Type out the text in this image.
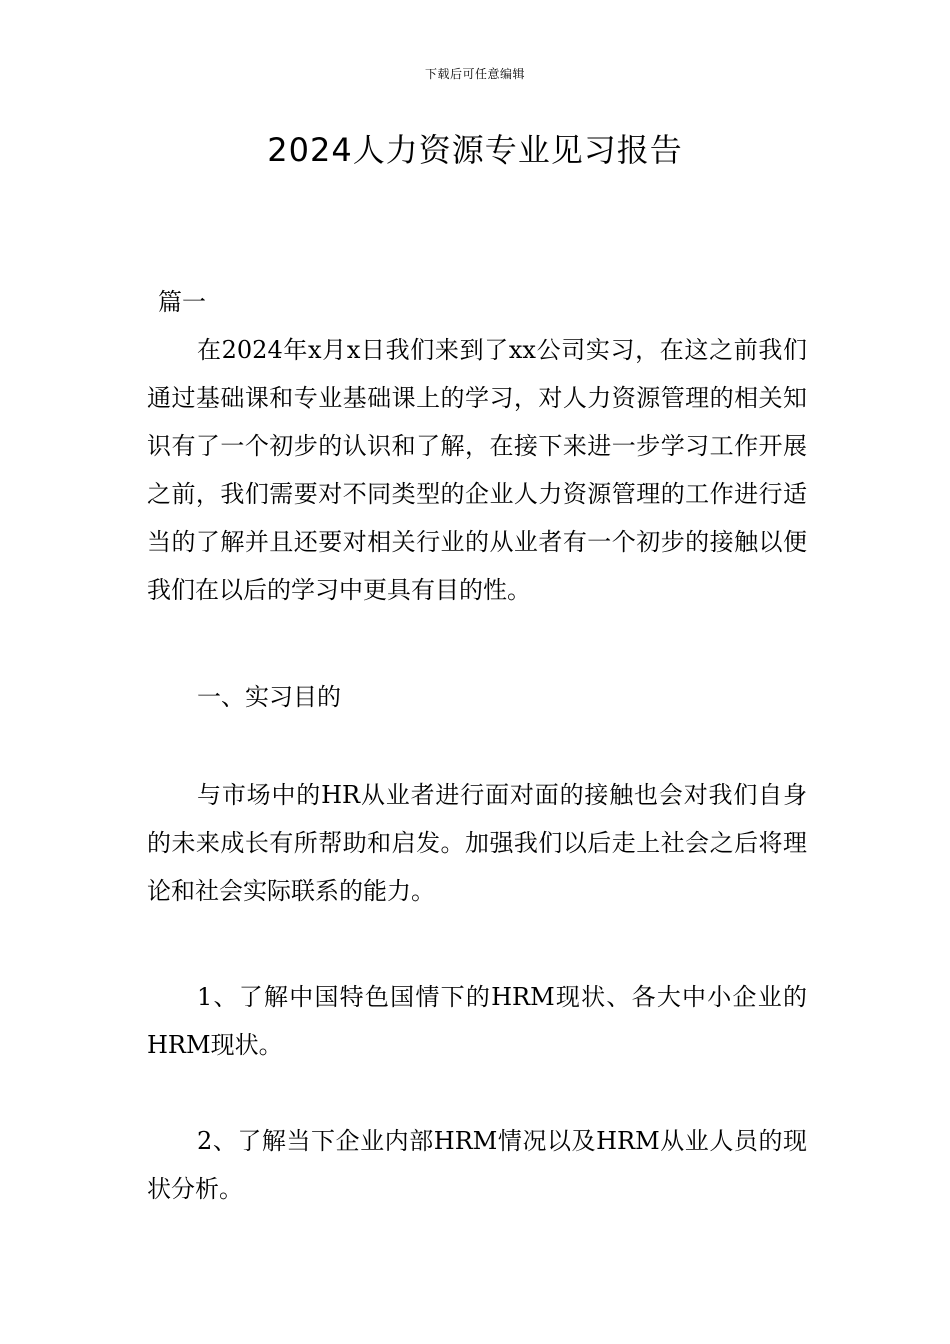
下载后可任意编辑
2024人力资源专业见习报告
篇一

在2024年x月x日我们来到了xx公司实习，在这之前我们通过基础课和专业基础课上的学习，对人力资源管理的相关知识有了一个初步的认识和了解，在接下来进一步学习工作开展之前，我们需要对不同类型的企业人力资源管理的工作进行适当的了解并且还要对相关行业的从业者有一个初步的接触以便我们在以后的学习中更具有目的性。

一、实习目的

与市场中的HR从业者进行面对面的接触也会对我们自身的未来成长有所帮助和启发。加强我们以后走上社会之后将理论和社会实际联系的能力。

1、了解中国特色国情下的HRM现状、各大中小企业的HRM现状。

2、了解当下企业内部HRM情况以及HRM从业人员的现状分析。
